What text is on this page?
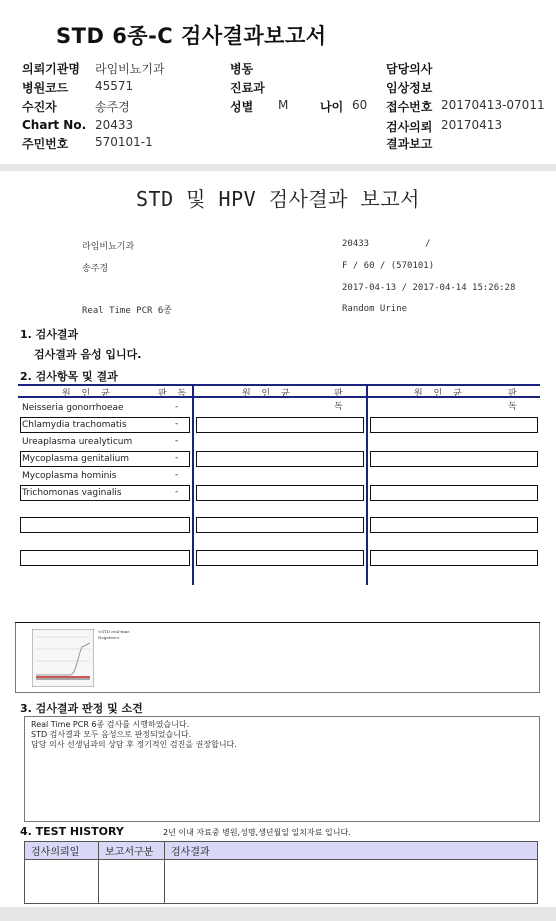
STD 6종-C 검사결과보고서
의뢰기관명 라임비뇨기과
병원코드 45571
수진자	송주경
Chart No. 20433
주민번호 570101-1
병동
진료과
성별 M	나이 60
담당의사
임상정보
접수번호 20170413-07011
검사의뢰 20170413
결과보고
STD 및 HPV 검사결과 보고서
라임비뇨기과
송주경
Real Time PCR 6종
20433	/
F / 60 / (570101)
2017-04-13 / 2017-04-14 15:26:28
Random Urine
1. 검사결과
검사결과 음성 입니다.
2. 검사항목 및 결과
원 인 균	판 독	원 인 균	판 독
원 인 균	판 독
Neisseria gonorrhoeae	-
Chlamydia trachomatis	-
Ureaplasma urealyticum	-
Mycoplasma genitalium	-
Mycoplasma hominis	-
Trichomonas vaginalis	-
<STD real-time Negative>
3. 검사결과 판정 및 소견
Real Time PCR 6종 검사를 시행하였습니다.
STD 검사결과 모두 음성으로 판정되었습니다.
담당 의사 선생님과의 상담 후 정기적인 검진을 권장합니다.
4. TEST HISTORY	2년 이내 자료중 병원,성명,생년월일 일치자료 입니다.
검사의뢰일	보고서구분	검사결과
